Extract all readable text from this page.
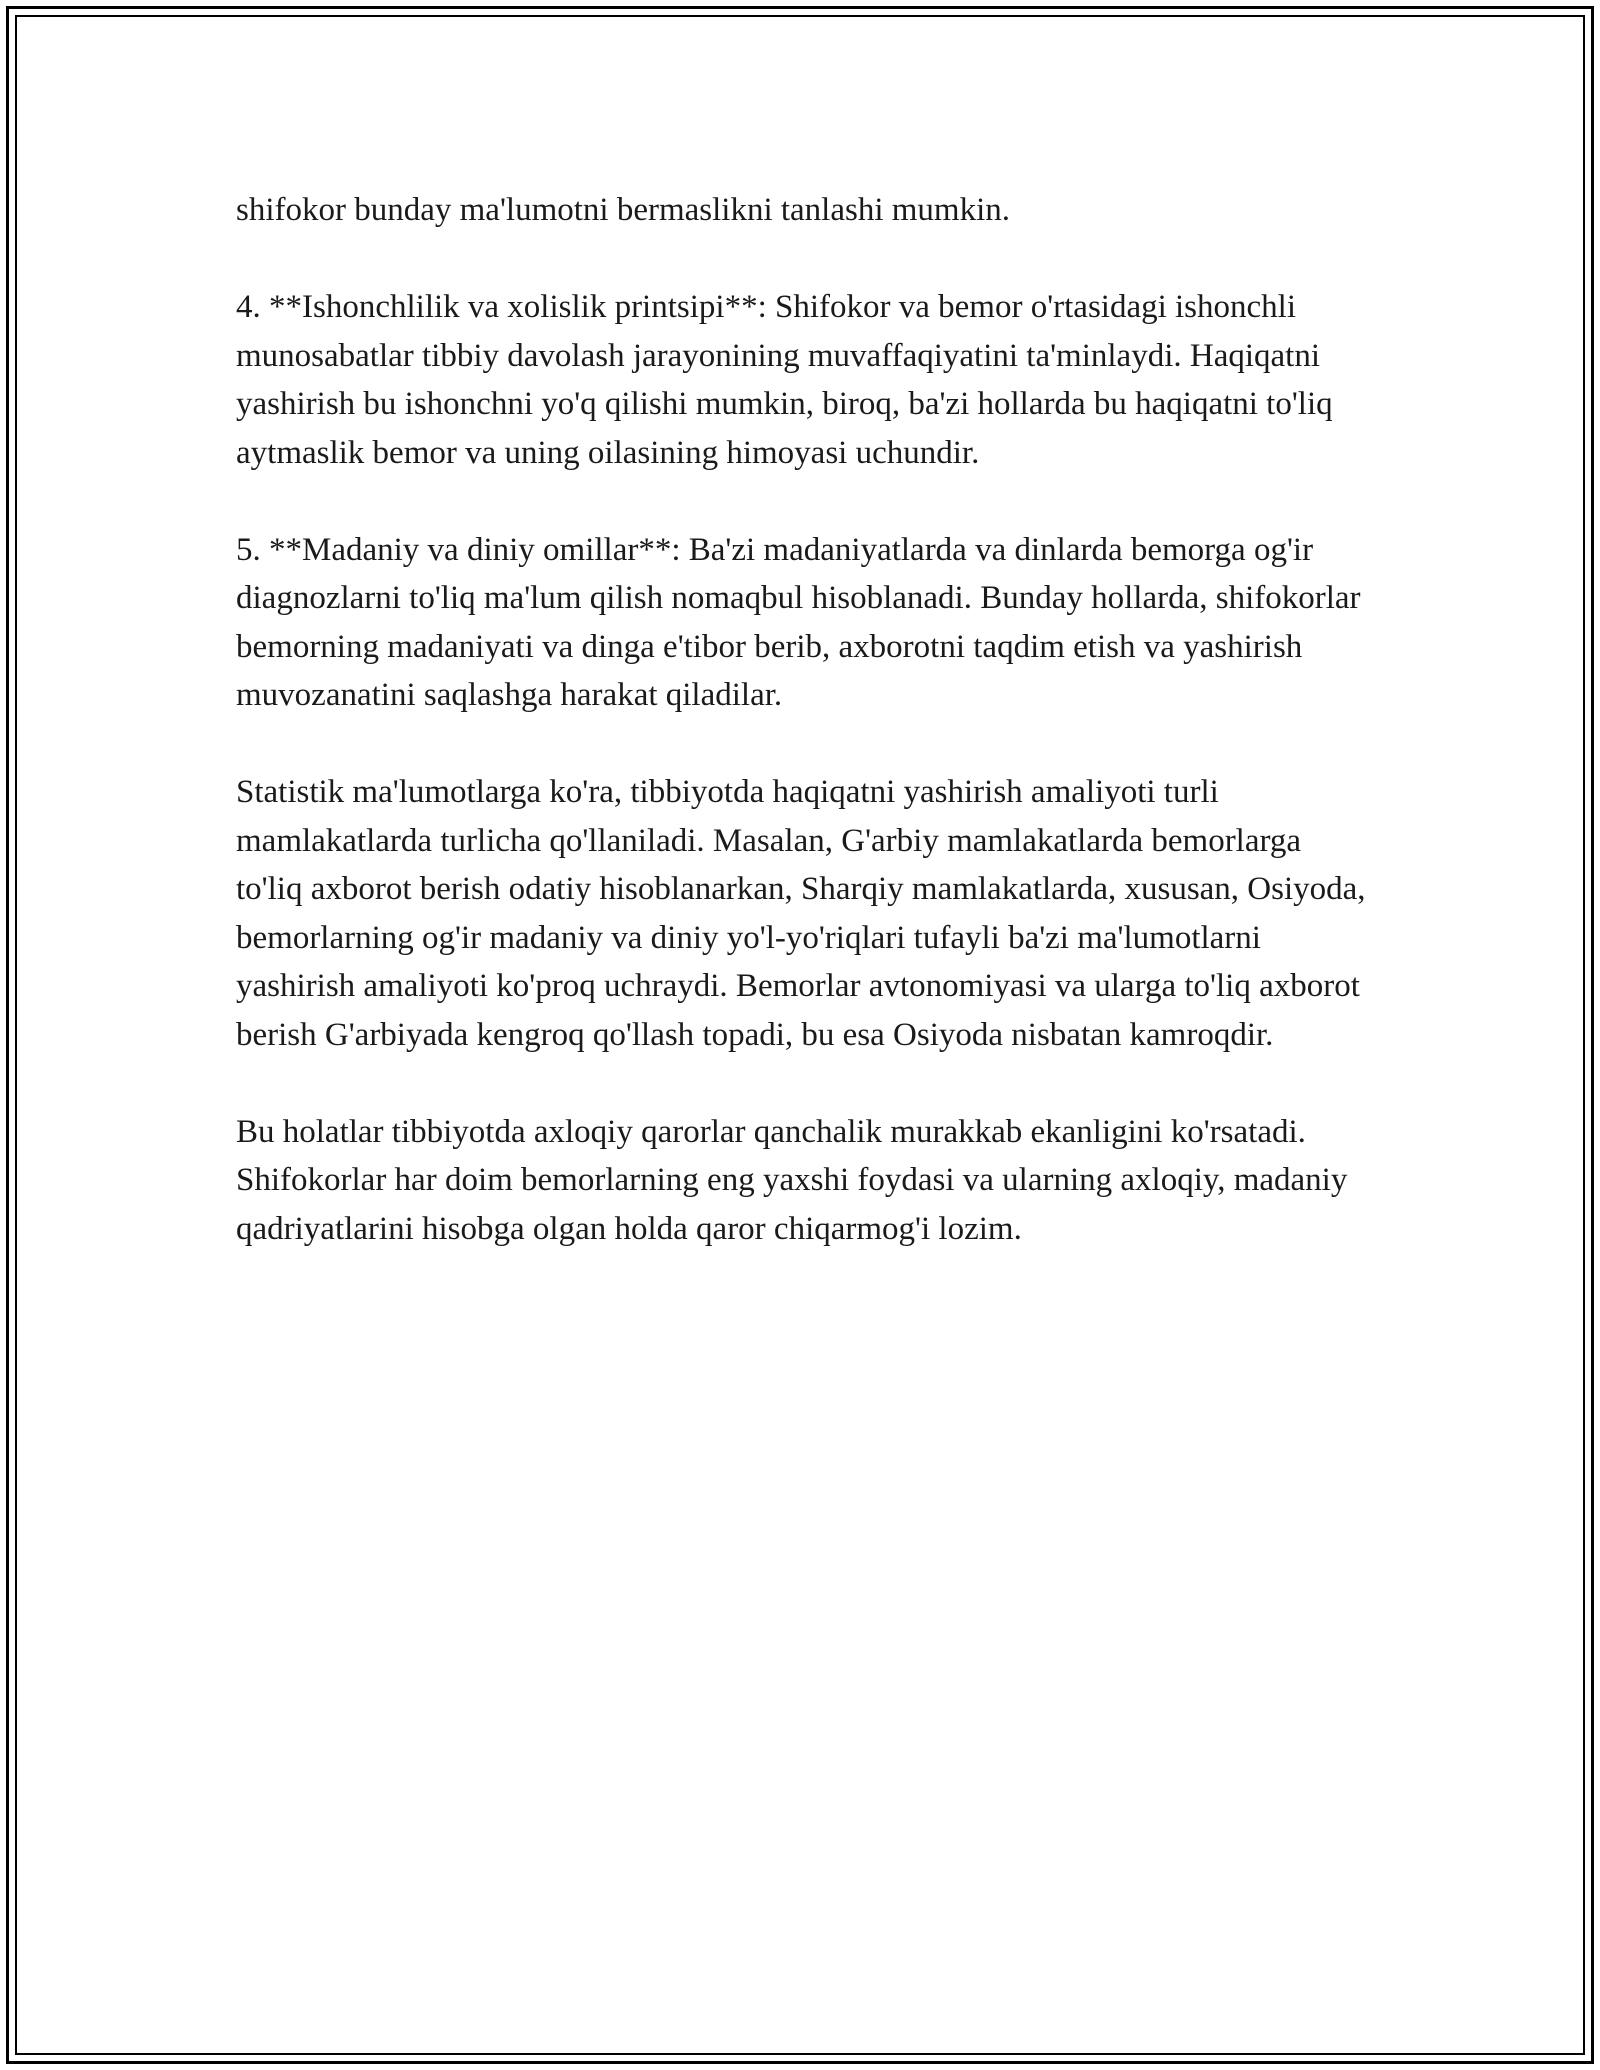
shifokor bunday ma'lumotni bermaslikni tanlashi mumkin.

4. **Ishonchlilik va xolislik printsipi**: Shifokor va bemor o'rtasidagi ishonchli munosabatlar tibbiy davolash jarayonining muvaffaqiyatini ta'minlaydi. Haqiqatni yashirish bu ishonchni yo'q qilishi mumkin, biroq, ba'zi hollarda bu haqiqatni to'liq aytmaslik bemor va uning oilasining himoyasi uchundir.

5. **Madaniy va diniy omillar**: Ba'zi madaniyatlarda va dinlarda bemorga og'ir diagnozlarni to'liq ma'lum qilish nomaqbul hisoblanadi. Bunday hollarda, shifokorlar bemorning madaniyati va dinga e'tibor berib, axborotni taqdim etish va yashirish muvozanatini saqlashga harakat qiladilar.

Statistik ma'lumotlarga ko'ra, tibbiyotda haqiqatni yashirish amaliyoti turli mamlakatlarda turlicha qo'llaniladi. Masalan, G'arbiy mamlakatlarda bemorlarga to'liq axborot berish odatiy hisoblanarkan, Sharqiy mamlakatlarda, xususan, Osiyoda, bemorlarning og'ir madaniy va diniy yo'l-yo'riqlari tufayli ba'zi ma'lumotlarni yashirish amaliyoti ko'proq uchraydi. Bemorlar avtonomiyasi va ularga to'liq axborot berish G'arbiyada kengroq qo'llash topadi, bu esa Osiyoda nisbatan kamroqdir.

Bu holatlar tibbiyotda axloqiy qarorlar qanchalik murakkab ekanligini ko'rsatadi. Shifokorlar har doim bemorlarning eng yaxshi foydasi va ularning axloqiy, madaniy qadriyatlarini hisobga olgan holda qaror chiqarmog'i lozim.
